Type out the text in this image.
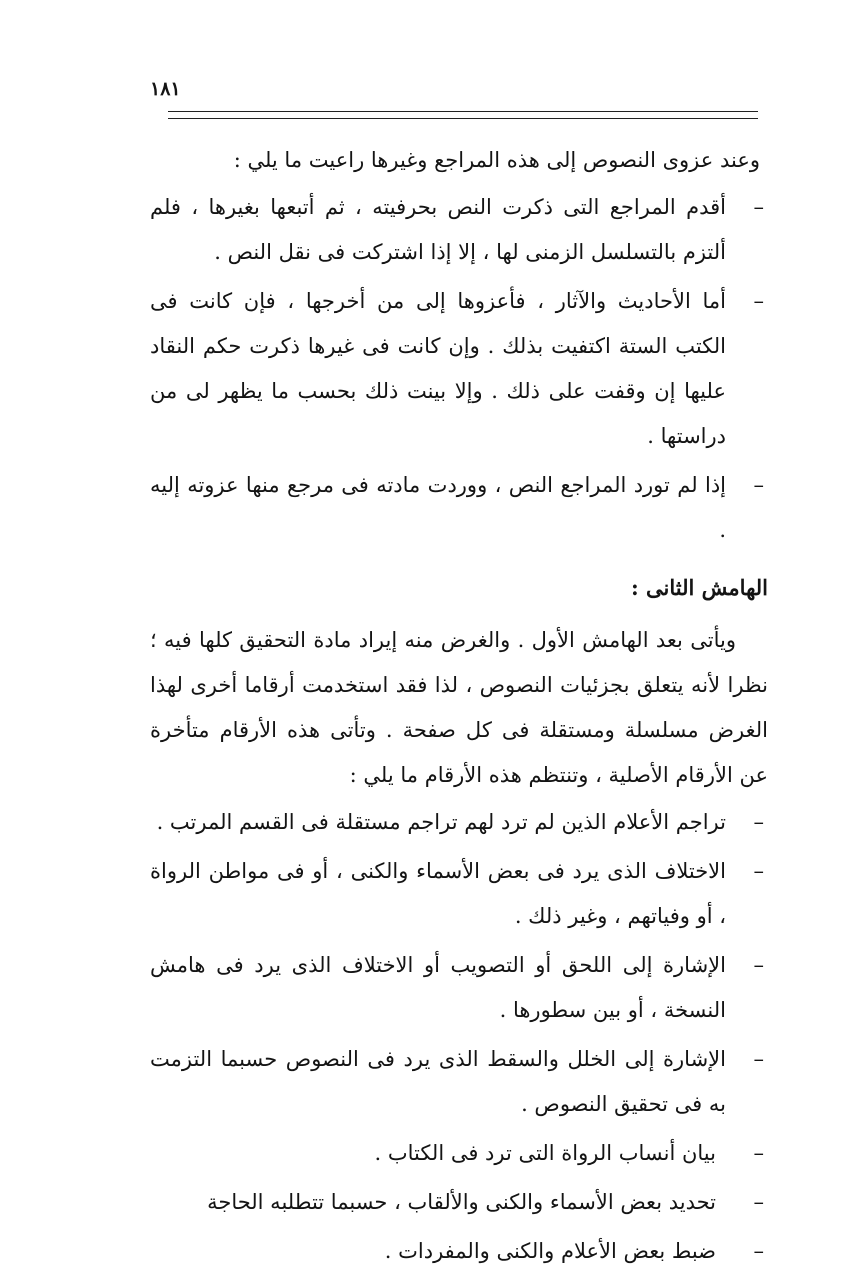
١٨١

وعند عزوى النصوص إلى هذه المراجع وغيرها راعيت ما يلي :

–
أقدم المراجع التى ذكرت النص بحرفيته ، ثم أتبعها بغيرها ، فلم ألتزم بالتسلسل الزمنى لها ، إلا إذا اشتركت فى نقل النص .
–
أما الأحاديث والآثار ، فأعزوها إلى من أخرجها ، فإن كانت فى الكتب الستة اكتفيت بذلك . وإن كانت فى غيرها ذكرت حكم النقاد عليها إن وقفت على ذلك . وإلا بينت ذلك بحسب ما يظهر لى من دراستها .
–
إذا لم تورد المراجع النص ، ووردت مادته فى مرجع منها عزوته إليه .

الهامش الثانى :

ويأتى بعد الهامش الأول . والغرض منه إيراد مادة التحقيق كلها فيه ؛ نظرا لأنه يتعلق بجزئيات النصوص ، لذا فقد استخدمت أرقاما أخرى لهذا الغرض مسلسلة ومستقلة فى كل صفحة . وتأتى هذه الأرقام متأخرة عن الأرقام الأصلية ، وتنتظم هذه الأرقام ما يلي :

–
تراجم الأعلام الذين لم ترد لهم تراجم مستقلة فى القسم المرتب .
–
الاختلاف الذى يرد فى بعض الأسماء والكنى ، أو فى مواطن الرواة ، أو وفياتهم ، وغير ذلك .
–
الإشارة إلى اللحق أو التصويب أو الاختلاف الذى يرد فى هامش النسخة ، أو بين سطورها .
–
الإشارة إلى الخلل والسقط الذى يرد فى النصوص حسبما التزمت به فى تحقيق النصوص .
–
بيان أنساب الرواة التى ترد فى الكتاب .
–
تحديد بعض الأسماء والكنى والألقاب ، حسبما تتطلبه الحاجة
–
ضبط بعض الأعلام والكنى والمفردات .
